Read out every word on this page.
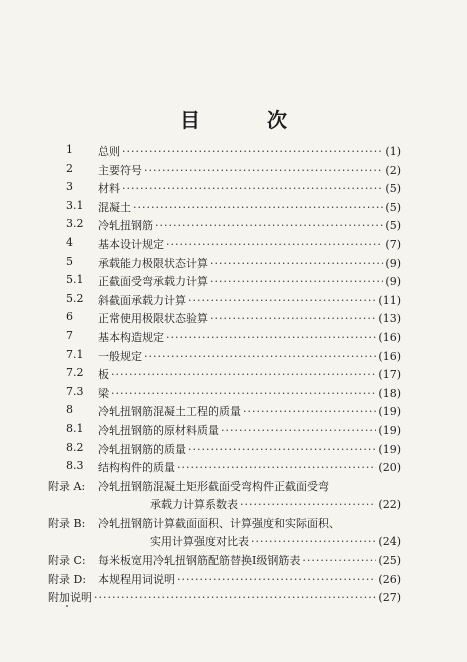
目 次
1 总则 ·····	(1)
2 主要符号 ·····	(2)
3 材料 ·····	(5)
3.1 混凝土 ·····	(5)
3.2 冷轧扭钢筋 ·····	(5)
4 基本设计规定 ·····	(7)
5 承载能力极限状态计算 ·····	(9)
5.1 正截面受弯承载力计算 ·····	(9)
5.2 斜截面承载力计算 ·····	(11)
6 正常使用极限状态验算 ·····	(13)
7 基本构造规定 ·····	(16)
7.1 一般规定 ·····	(16)
7.2 板 ·····	(17)
7.3 梁 ·····	(18)
8 冷轧扭钢筋混凝土工程的质量 ·····	(19)
8.1 冷轧扭钢筋的原材料质量 ·····	(19)
8.2 冷轧扭钢筋的质量 ·····	(19)
8.3 结构构件的质量 ·····	(20)
附录 A: 冷轧扭钢筋混凝土矩形截面受弯构件正截面受弯
承载力计算系数表 ·····	(22)
附录 B: 冷轧扭钢筋计算截面面积、计算强度和实际面积、
实用计算强度对比表 ·····	(24)
附录 C: 每米板宽用冷轧扭钢筋配筋替换Ⅰ级钢筋表 ·····	(25)
附录 D: 本规程用词说明 ·····	(26)
附加说明 ·····	(27)
